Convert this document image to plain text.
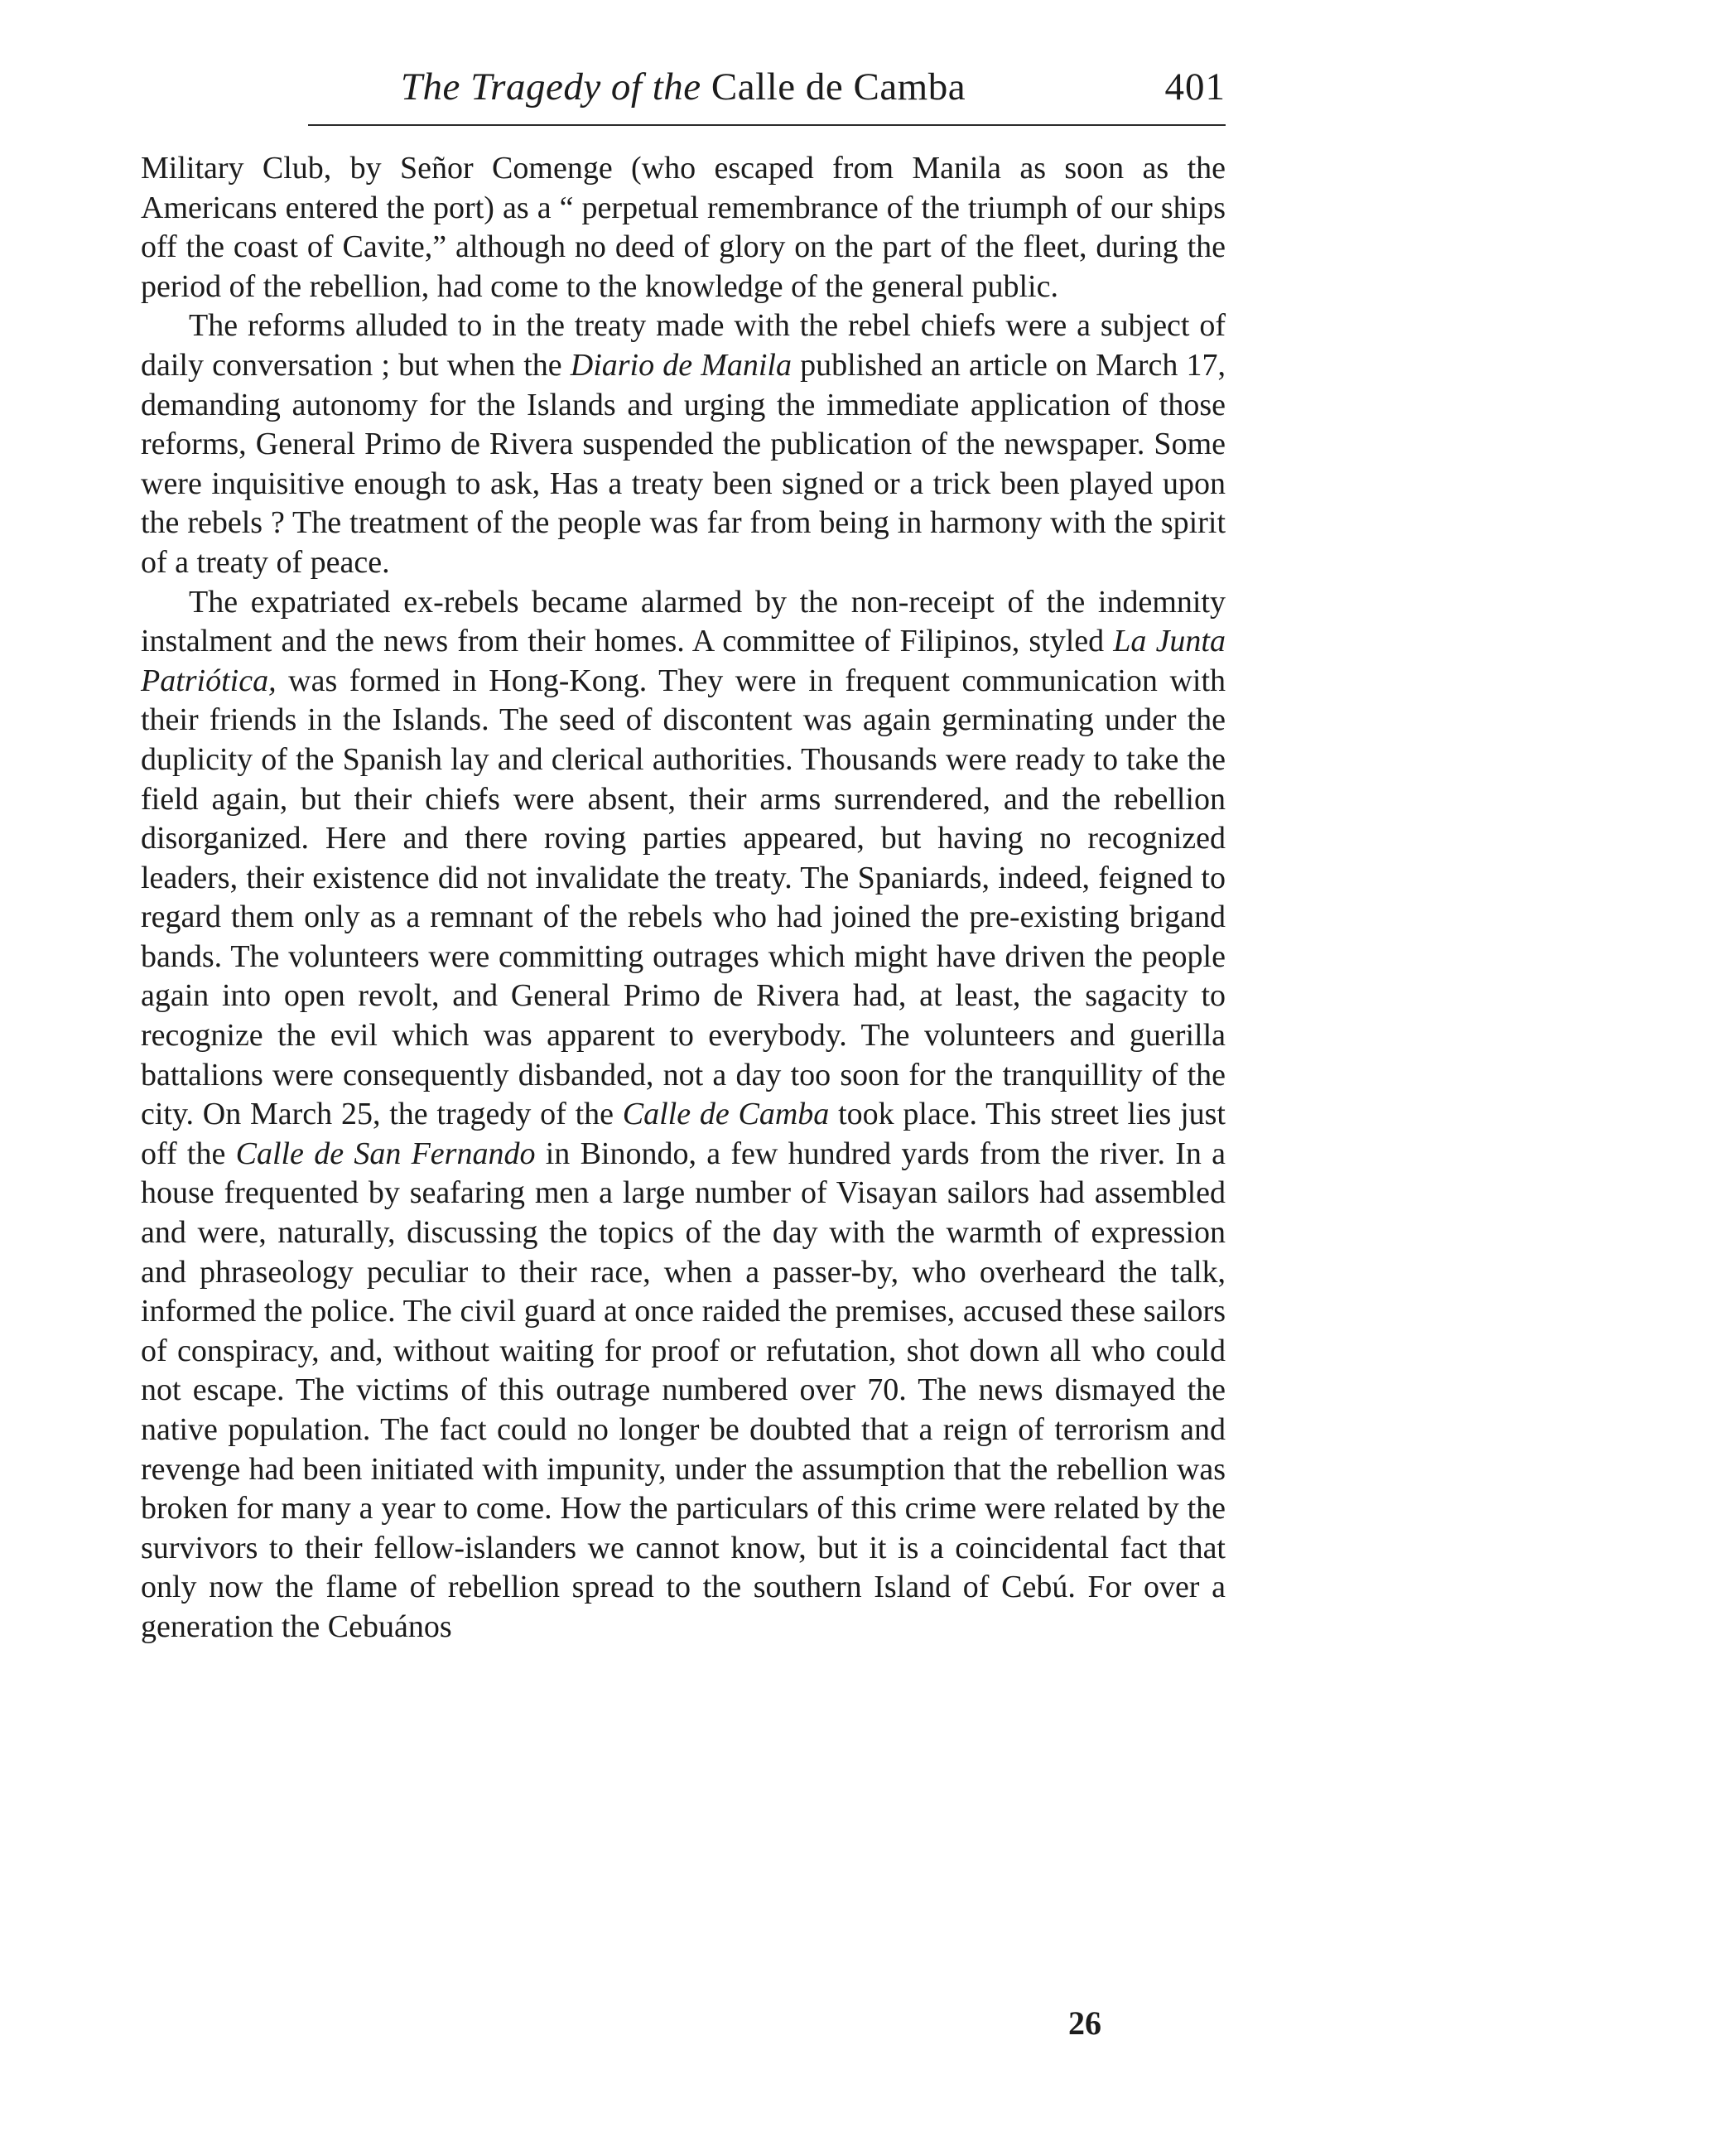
The Tragedy of the Calle de Camba	401

Military Club, by Señor Comenge (who escaped from Manila as soon as the Americans entered the port) as a “ perpetual remembrance of the triumph of our ships off the coast of Cavite,” although no deed of glory on the part of the fleet, during the period of the rebellion, had come to the knowledge of the general public.

The reforms alluded to in the treaty made with the rebel chiefs were a subject of daily conversation ; but when the Diario de Manila published an article on March 17, demanding autonomy for the Islands and urging the immediate application of those reforms, General Primo de Rivera suspended the publication of the newspaper. Some were inquisitive enough to ask, Has a treaty been signed or a trick been played upon the rebels ? The treatment of the people was far from being in harmony with the spirit of a treaty of peace.

The expatriated ex-rebels became alarmed by the non-receipt of the indemnity instalment and the news from their homes. A committee of Filipinos, styled La Junta Patriótica, was formed in Hong-Kong. They were in frequent communication with their friends in the Islands. The seed of discontent was again germinating under the duplicity of the Spanish lay and clerical authorities. Thousands were ready to take the field again, but their chiefs were absent, their arms surrendered, and the rebellion disorganized. Here and there roving parties appeared, but having no recognized leaders, their existence did not invalidate the treaty. The Spaniards, indeed, feigned to regard them only as a remnant of the rebels who had joined the pre-existing brigand bands. The volunteers were committing outrages which might have driven the people again into open revolt, and General Primo de Rivera had, at least, the sagacity to recognize the evil which was apparent to everybody. The volunteers and guerilla battalions were consequently disbanded, not a day too soon for the tranquillity of the city. On March 25, the tragedy of the Calle de Camba took place. This street lies just off the Calle de San Fernando in Binondo, a few hundred yards from the river. In a house frequented by seafaring men a large number of Visayan sailors had assembled and were, naturally, discussing the topics of the day with the warmth of expression and phraseology peculiar to their race, when a passer-by, who overheard the talk, informed the police. The civil guard at once raided the premises, accused these sailors of conspiracy, and, without waiting for proof or refutation, shot down all who could not escape. The victims of this outrage numbered over 70. The news dismayed the native population. The fact could no longer be doubted that a reign of terrorism and revenge had been initiated with impunity, under the assumption that the rebellion was broken for many a year to come. How the particulars of this crime were related by the survivors to their fellow-islanders we cannot know, but it is a coincidental fact that only now the flame of rebellion spread to the southern Island of Cebú. For over a generation the Cebuános

26
